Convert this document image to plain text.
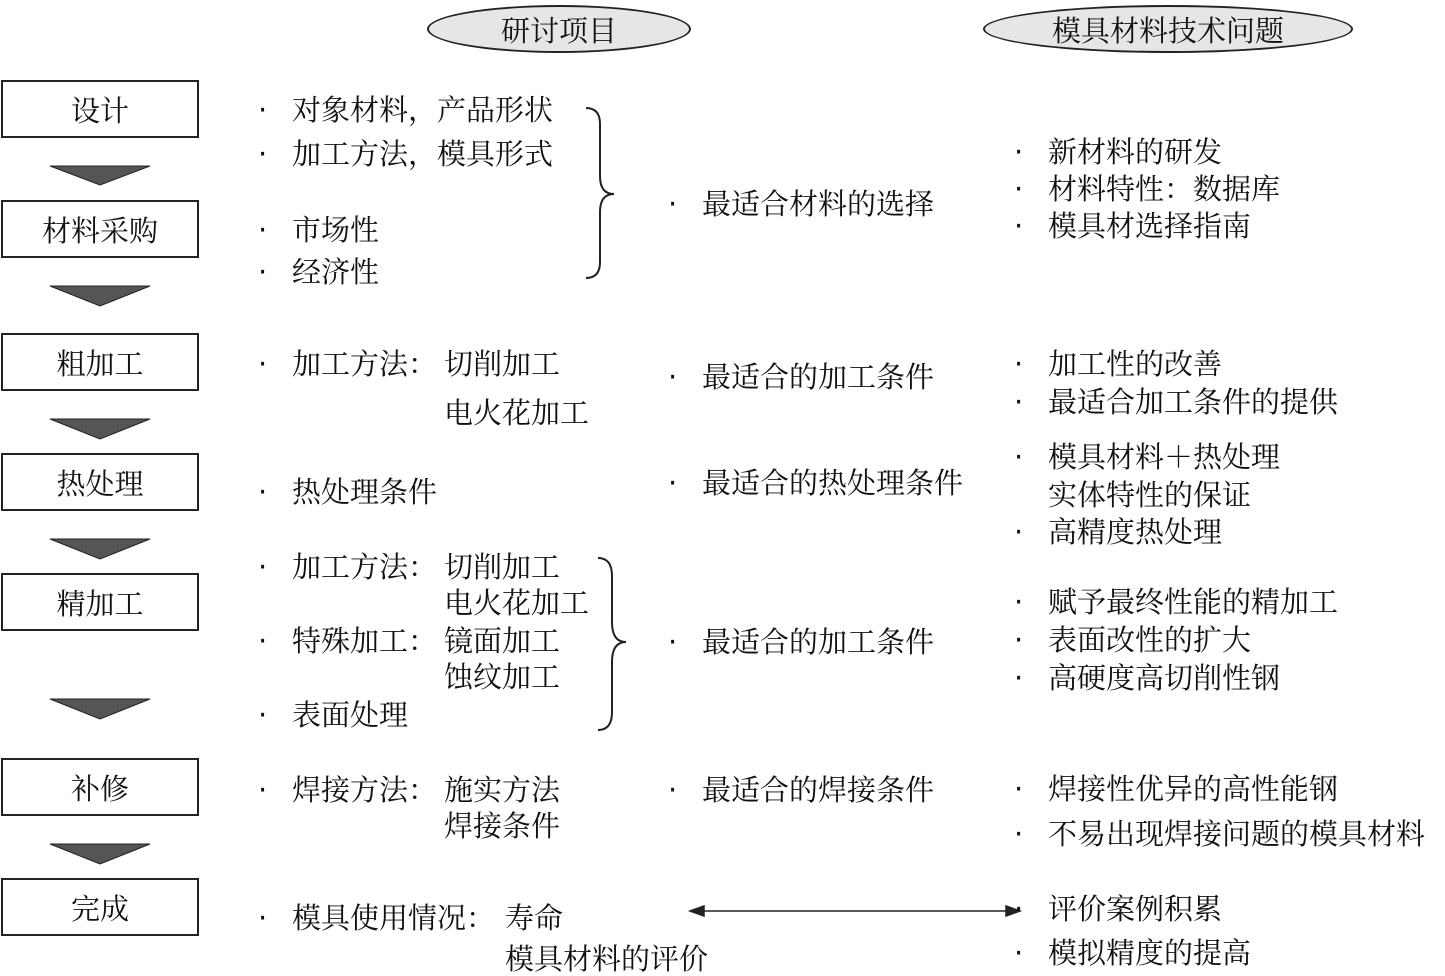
研讨项目	模具材料技术问题
设计
材料采购
粗加工
热处理
精加工
补修
完成
· 对象材料，产品形状
· 加工方法，模具形式
· 市场性
· 经济性
· 加工方法： 切削加工
电火花加工
· 热处理条件
· 加工方法： 切削加工
电火花加工
· 特殊加工： 镜面加工
蚀纹加工
· 表面处理
· 焊接方法： 施实方法
焊接条件
· 模具使用情况： 寿命
模具材料的评价
· 最适合材料的选择
· 最适合的加工条件
· 最适合的热处理条件
· 最适合的加工条件
· 最适合的焊接条件
· 新材料的研发
· 材料特性：数据库
· 模具材选择指南
· 加工性的改善
· 最适合加工条件的提供
· 模具材料＋热处理
实体特性的保证
· 高精度热处理
· 赋予最终性能的精加工
· 表面改性的扩大
· 高硬度高切削性钢
· 焊接性优异的高性能钢
· 不易出现焊接问题的模具材料
· 评价案例积累
· 模拟精度的提高
